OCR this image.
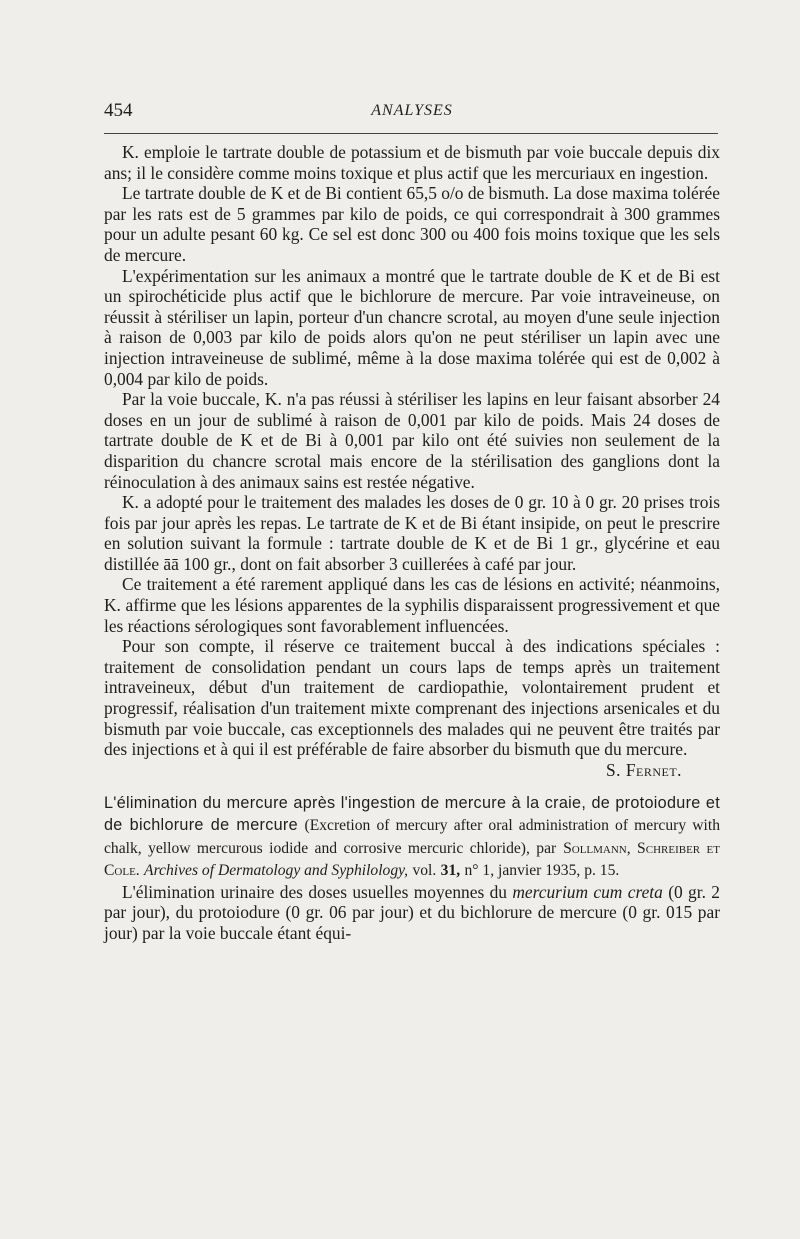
454	ANALYSES

K. emploie le tartrate double de potassium et de bismuth par voie buccale depuis dix ans; il le considère comme moins toxique et plus actif que les mercuriaux en ingestion.

Le tartrate double de K et de Bi contient 65,5 o/o de bismuth. La dose maxima tolérée par les rats est de 5 grammes par kilo de poids, ce qui correspondrait à 300 grammes pour un adulte pesant 60 kg. Ce sel est donc 300 ou 400 fois moins toxique que les sels de mercure.

L'expérimentation sur les animaux a montré que le tartrate double de K et de Bi est un spirochéticide plus actif que le bichlorure de mercure. Par voie intraveineuse, on réussit à stériliser un lapin, porteur d'un chancre scrotal, au moyen d'une seule injection à raison de 0,003 par kilo de poids alors qu'on ne peut stériliser un lapin avec une injection intraveineuse de sublimé, même à la dose maxima tolérée qui est de 0,002 à 0,004 par kilo de poids.

Par la voie buccale, K. n'a pas réussi à stériliser les lapins en leur faisant absorber 24 doses en un jour de sublimé à raison de 0,001 par kilo de poids. Mais 24 doses de tartrate double de K et de Bi à 0,001 par kilo ont été suivies non seulement de la disparition du chancre scrotal mais encore de la stérilisation des ganglions dont la réinoculation à des animaux sains est restée négative.

K. a adopté pour le traitement des malades les doses de 0 gr. 10 à 0 gr. 20 prises trois fois par jour après les repas. Le tartrate de K et de Bi étant insipide, on peut le prescrire en solution suivant la formule : tartrate double de K et de Bi 1 gr., glycérine et eau distillée āā 100 gr., dont on fait absorber 3 cuillerées à café par jour.

Ce traitement a été rarement appliqué dans les cas de lésions en activité; néanmoins, K. affirme que les lésions apparentes de la syphilis disparaissent progressivement et que les réactions sérologiques sont favorablement influencées.

Pour son compte, il réserve ce traitement buccal à des indications spéciales : traitement de consolidation pendant un cours laps de temps après un traitement intraveineux, début d'un traitement de cardiopathie, volontairement prudent et progressif, réalisation d'un traitement mixte comprenant des injections arsenicales et du bismuth par voie buccale, cas exceptionnels des malades qui ne peuvent être traités par des injections et à qui il est préférable de faire absorber du bismuth que du mercure.
S. Fernet.

L'élimination du mercure après l'ingestion de mercure à la craie, de protoiodure et de bichlorure de mercure (Excretion of mercury after oral administration of mercury with chalk, yellow mercurous iodide and corrosive mercuric chloride), par Sollmann, Schreiber et Cole. Archives of Dermatology and Syphilology, vol. 31, n° 1, janvier 1935, p. 15.

L'élimination urinaire des doses usuelles moyennes du mercurium cum creta (0 gr. 2 par jour), du protoiodure (0 gr. 06 par jour) et du bichlorure de mercure (0 gr. 015 par jour) par la voie buccale étant équi-
